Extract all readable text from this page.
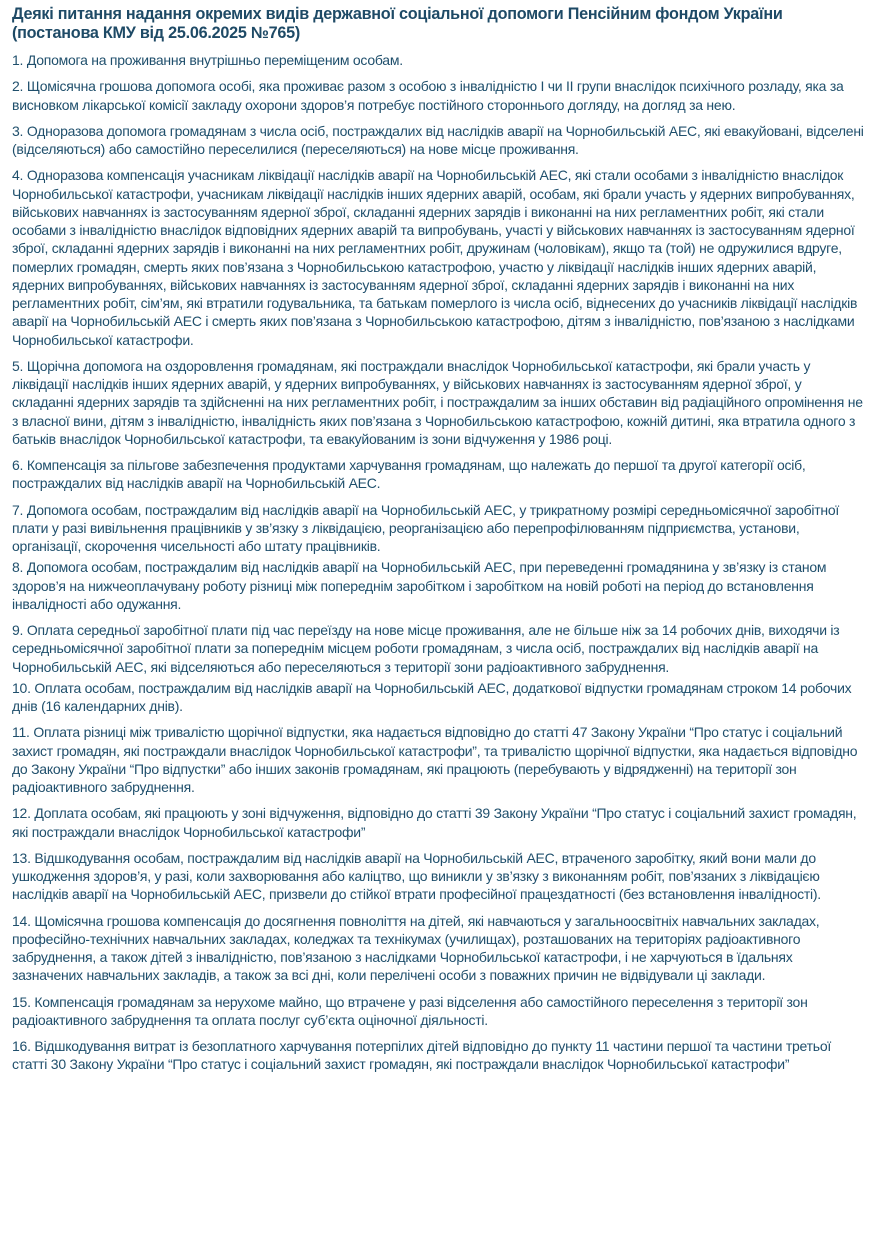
Деякі питання надання окремих видів державної соціальної допомоги Пенсійним фондом України (постанова КМУ від 25.06.2025 №765)
1. Допомога на проживання внутрішньо переміщеним особам.
2. Щомісячна грошова допомога особі, яка проживає разом з особою з інвалідністю I чи II групи внаслідок психічного розладу, яка за висновком лікарської комісії закладу охорони здоров’я потребує постійного стороннього догляду, на догляд за нею.
3. Одноразова допомога громадянам з числа осіб, постраждалих від наслідків аварії на Чорнобильській АЕС, які евакуйовані, відселені (відселяються) або самостійно переселилися (переселяються) на нове місце проживання.
4. Одноразова компенсація учасникам ліквідації наслідків аварії на Чорнобильській АЕС, які стали особами з інвалідністю внаслідок Чорнобильської катастрофи, учасникам ліквідації наслідків інших ядерних аварій, особам, які брали участь у ядерних випробуваннях, військових навчаннях із застосуванням ядерної зброї, складанні ядерних зарядів і виконанні на них регламентних робіт, які стали особами з інвалідністю внаслідок відповідних ядерних аварій та випробувань, участі у військових навчаннях із застосуванням ядерної зброї, складанні ядерних зарядів і виконанні на них регламентних робіт, дружинам (чоловікам), якщо та (той) не одружилися вдруге, померлих громадян, смерть яких пов’язана з Чорнобильською катастрофою, участю у ліквідації наслідків інших ядерних аварій, ядерних випробуваннях, військових навчаннях із застосуванням ядерної зброї, складанні ядерних зарядів і виконанні на них регламентних робіт, сім’ям, які втратили годувальника, та батькам померлого із числа осіб, віднесених до учасників ліквідації наслідків аварії на Чорнобильській АЕС і смерть яких пов’язана з Чорнобильською катастрофою, дітям з інвалідністю, пов’язаною з наслідками Чорнобильської катастрофи.
5. Щорічна допомога на оздоровлення громадянам, які постраждали внаслідок Чорнобильської катастрофи, які брали участь у ліквідації наслідків інших ядерних аварій, у ядерних випробуваннях, у військових навчаннях із застосуванням ядерної зброї, у складанні ядерних зарядів та здійсненні на них регламентних робіт, і постраждалим за інших обставин від радіаційного опромінення не з власної вини, дітям з інвалідністю, інвалідність яких пов’язана з Чорнобильською катастрофою, кожній дитині, яка втратила одного з батьків внаслідок Чорнобильської катастрофи, та евакуйованим із зони відчуження у 1986 році.
6. Компенсація за пільгове забезпечення продуктами харчування громадянам, що належать до першої та другої категорії осіб, постраждалих від наслідків аварії на Чорнобильській АЕС.
7. Допомога особам, постраждалим від наслідків аварії на Чорнобильській АЕС, у трикратному розмірі середньомісячної заробітної плати у разі вивільнення працівників у зв’язку з ліквідацією, реорганізацією або перепрофілюванням підприємства, установи, організації, скорочення чисельності або штату працівників.
8. Допомога особам, постраждалим від наслідків аварії на Чорнобильській АЕС, при переведенні громадянина у зв’язку із станом здоров’я на нижчеоплачувану роботу різниці між попереднім заробітком і заробітком на новій роботі на період до встановлення інвалідності або одужання.
9. Оплата середньої заробітної плати під час переїзду на нове місце проживання, але не більше ніж за 14 робочих днів, виходячи із середньомісячної заробітної плати за попереднім місцем роботи громадянам, з числа осіб, постраждалих від наслідків аварії на Чорнобильській АЕС, які відселяються або переселяються з території зони радіоактивного забруднення.
10. Оплата особам, постраждалим від наслідків аварії на Чорнобильській АЕС, додаткової відпустки громадянам строком 14 робочих днів (16 календарних днів).
11. Оплата різниці між тривалістю щорічної відпустки, яка надається відповідно до статті 47 Закону України “Про статус і соціальний захист громадян, які постраждали внаслідок Чорнобильської катастрофи”, та тривалістю щорічної відпустки, яка надається відповідно до Закону України “Про відпустки” або інших законів громадянам, які працюють (перебувають у відрядженні) на території зон радіоактивного забруднення.
12. Доплата особам, які працюють у зоні відчуження, відповідно до статті 39 Закону України “Про статус і соціальний захист громадян, які постраждали внаслідок Чорнобильської катастрофи”
13. Відшкодування особам, постраждалим від наслідків аварії на Чорнобильській АЕС, втраченого заробітку, який вони мали до ушкодження здоров’я, у разі, коли захворювання або каліцтво, що виникли у зв’язку з виконанням робіт, пов’язаних з ліквідацією наслідків аварії на Чорнобильській АЕС, призвели до стійкої втрати професійної працездатності (без встановлення інвалідності).
14. Щомісячна грошова компенсація до досягнення повноліття на дітей, які навчаються у загальноосвітніх навчальних закладах, професійно-технічних навчальних закладах, коледжах та технікумах (училищах), розташованих на територіях радіоактивного забруднення, а також дітей з інвалідністю, пов’язаною з наслідками Чорнобильської катастрофи, і не харчуються в їдальнях зазначених навчальних закладів, а також за всі дні, коли перелічені особи з поважних причин не відвідували ці заклади.
15. Компенсація громадянам за нерухоме майно, що втрачене у разі відселення або самостійного переселення з території зон радіоактивного забруднення та оплата послуг суб’єкта оціночної діяльності.
16. Відшкодування витрат із безоплатного харчування потерпілих дітей відповідно до пункту 11 частини першої та частини третьої статті 30 Закону України “Про статус і соціальний захист громадян, які постраждали внаслідок Чорнобильської катастрофи”
